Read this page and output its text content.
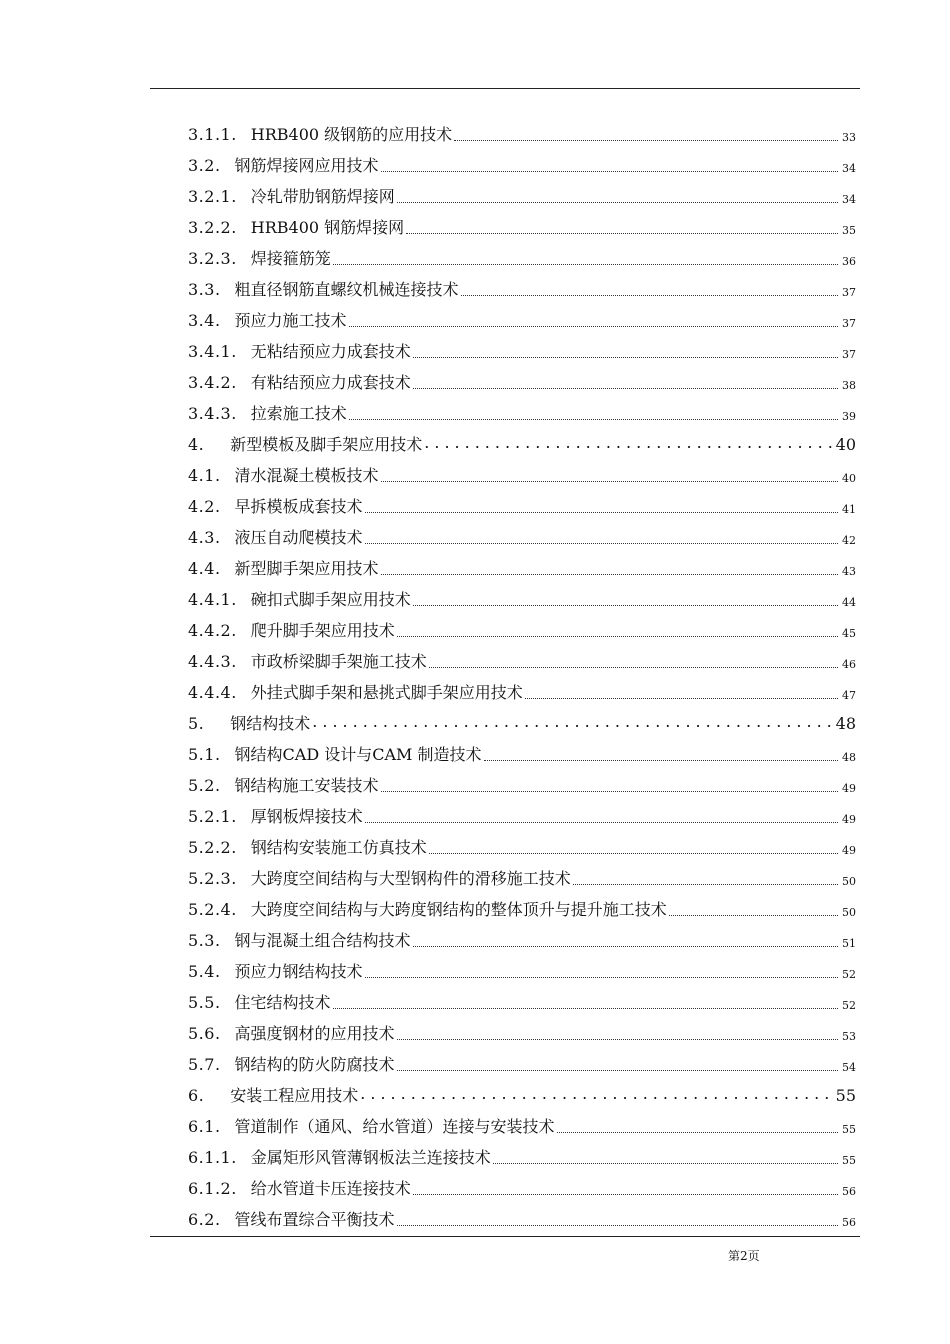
3.1.1. HRB400 级钢筋的应用技术	33
3.2. 钢筋焊接网应用技术	34
3.2.1. 冷轧带肋钢筋焊接网	34
3.2.2. HRB400 钢筋焊接网	35
3.2.3. 焊接箍筋笼	36
3.3. 粗直径钢筋直螺纹机械连接技术	37
3.4. 预应力施工技术	37
3.4.1. 无粘结预应力成套技术	37
3.4.2. 有粘结预应力成套技术	38
3.4.3. 拉索施工技术	39
4. 新型模板及脚手架应用技术 .....	40
4.1. 清水混凝土模板技术	40
4.2. 早拆模板成套技术	41
4.3. 液压自动爬模技术	42
4.4. 新型脚手架应用技术	43
4.4.1. 碗扣式脚手架应用技术	44
4.4.2. 爬升脚手架应用技术	45
4.4.3. 市政桥梁脚手架施工技术	46
4.4.4. 外挂式脚手架和悬挑式脚手架应用技术	47
5. 钢结构技术 .....	48
5.1. 钢结构CAD 设计与CAM 制造技术	48
5.2. 钢结构施工安装技术	49
5.2.1. 厚钢板焊接技术	49
5.2.2. 钢结构安装施工仿真技术	49
5.2.3. 大跨度空间结构与大型钢构件的滑移施工技术	50
5.2.4. 大跨度空间结构与大跨度钢结构的整体顶升与提升施工技术	50
5.3. 钢与混凝土组合结构技术	51
5.4. 预应力钢结构技术	52
5.5. 住宅结构技术	52
5.6. 高强度钢材的应用技术	53
5.7. 钢结构的防火防腐技术	54
6. 安装工程应用技术 .....	55
6.1. 管道制作（通风、给水管道）连接与安装技术	55
6.1.1. 金属矩形风管薄钢板法兰连接技术	55
6.1.2. 给水管道卡压连接技术	56
6.2. 管线布置综合平衡技术	56
第2页
